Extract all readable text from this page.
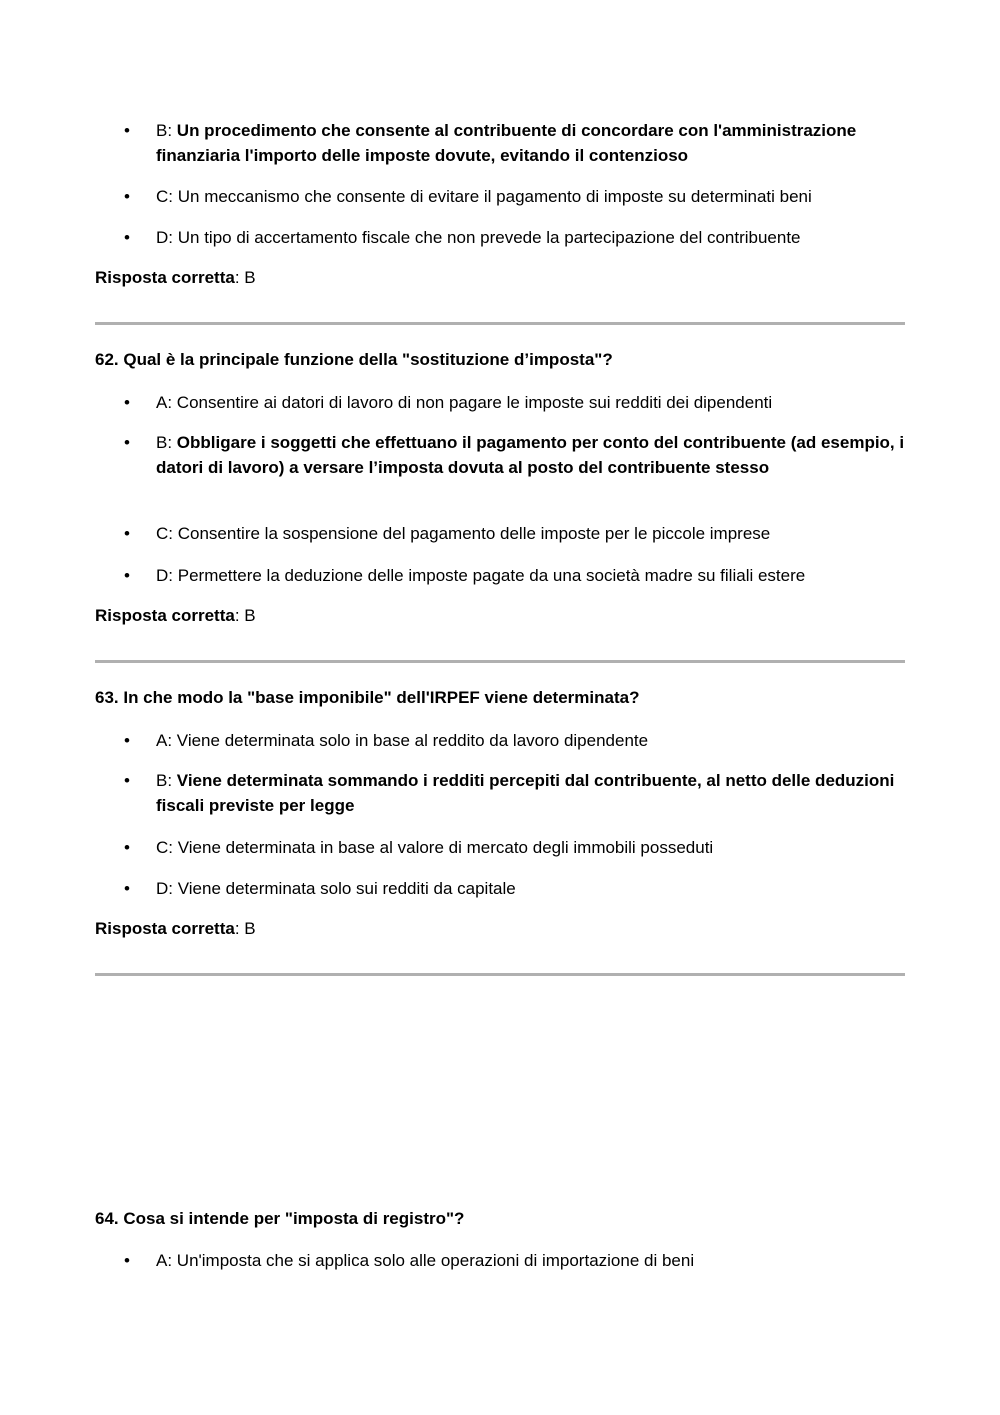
• B: Un procedimento che consente al contribuente di concordare con l'amministrazione finanziaria l'importo delle imposte dovute, evitando il contenzioso
• C: Un meccanismo che consente di evitare il pagamento di imposte su determinati beni
• D: Un tipo di accertamento fiscale che non prevede la partecipazione del contribuente
Risposta corretta: B
62. Qual è la principale funzione della "sostituzione d’imposta"?
• A: Consentire ai datori di lavoro di non pagare le imposte sui redditi dei dipendenti
• B: Obbligare i soggetti che effettuano il pagamento per conto del contribuente (ad esempio, i datori di lavoro) a versare l’imposta dovuta al posto del contribuente stesso
• C: Consentire la sospensione del pagamento delle imposte per le piccole imprese
• D: Permettere la deduzione delle imposte pagate da una società madre su filiali estere
Risposta corretta: B
63. In che modo la "base imponibile" dell'IRPEF viene determinata?
• A: Viene determinata solo in base al reddito da lavoro dipendente
• B: Viene determinata sommando i redditi percepiti dal contribuente, al netto delle deduzioni fiscali previste per legge
• C: Viene determinata in base al valore di mercato degli immobili posseduti
• D: Viene determinata solo sui redditi da capitale
Risposta corretta: B
64. Cosa si intende per "imposta di registro"?
• A: Un'imposta che si applica solo alle operazioni di importazione di beni
